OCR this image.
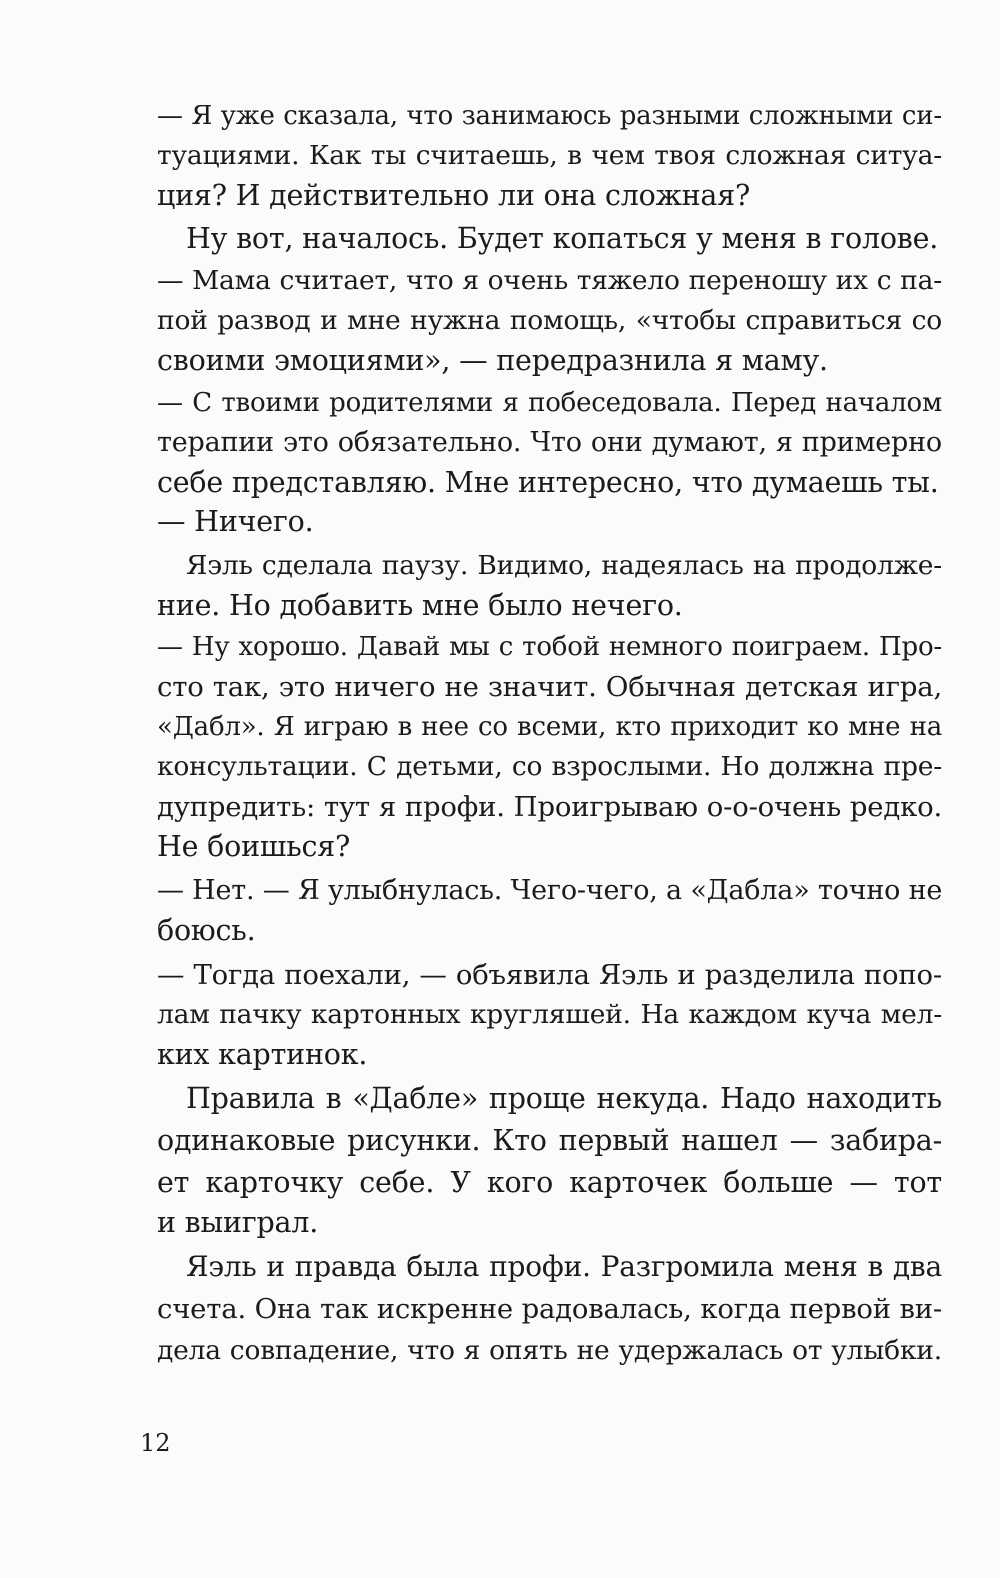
— Я уже сказала, что занимаюсь разными сложными си-
туациями. Как ты считаешь, в чем твоя сложная ситуа-
ция? И действительно ли она сложная?
Ну вот, началось. Будет копаться у меня в голове.
— Мама считает, что я очень тяжело переношу их с па-
пой развод и мне нужна помощь, «чтобы справиться со
своими эмоциями», — передразнила я маму.
— С твоими родителями я побеседовала. Перед началом
терапии это обязательно. Что они думают, я примерно
себе представляю. Мне интересно, что думаешь ты.
— Ничего.
Яэль сделала паузу. Видимо, надеялась на продолже-
ние. Но добавить мне было нечего.
— Ну хорошо. Давай мы с тобой немного поиграем. Про-
сто так, это ничего не значит. Обычная детская игра,
«Дабл». Я играю в нее со всеми, кто приходит ко мне на
консультации. С детьми, со взрослыми. Но должна пре-
дупредить: тут я профи. Проигрываю о-о-очень редко.
Не боишься?
— Нет. — Я улыбнулась. Чего-чего, а «Дабла» точно не
боюсь.
— Тогда поехали, — объявила Яэль и разделила попо-
лам пачку картонных кругляшей. На каждом куча мел-
ких картинок.
Правила в «Дабле» проще некуда. Надо находить
одинаковые рисунки. Кто первый нашел — забира-
ет карточку себе. У кого карточек больше — тот
и выиграл.
Яэль и правда была профи. Разгромила меня в два
счета. Она так искренне радовалась, когда первой ви-
дела совпадение, что я опять не удержалась от улыбки.
12
